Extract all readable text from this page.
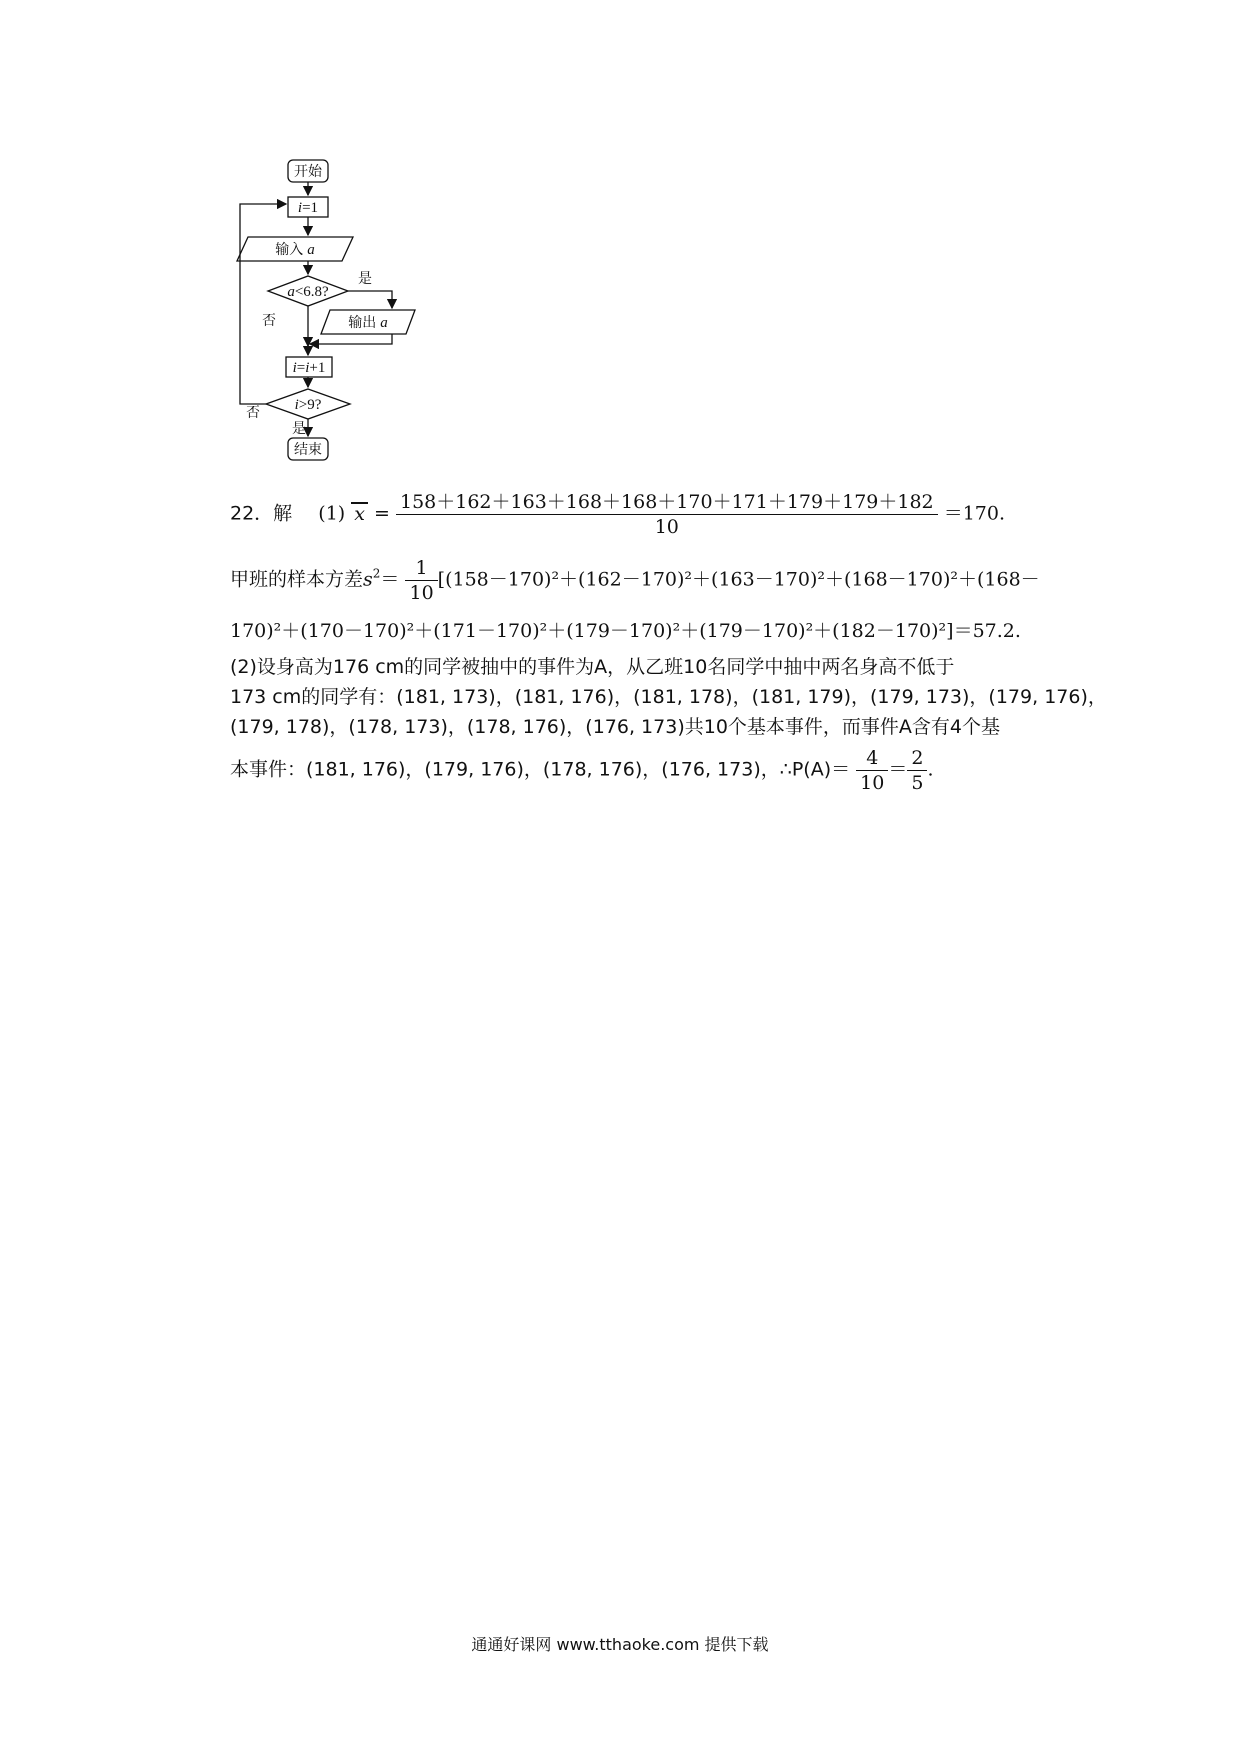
开始
i=1
输入 a
a<6.8?
是
否	输出 a
i=i+1
i>9?
否
是
结束
22．解 (1) $x = \frac{158+162+163+168+168+170+171+179+179+182}{10} =170$.
甲班的样本方差$s^2= \frac{1}{10} [(158-170)^2+(162-170)^2+(163-170)^2+(168-170)^2+(168-$
170)²＋(170－170)²＋(171－170)²＋(179－170)²＋(179－170)²＋(182－170)²]＝57.2.
(2)设身高为176 cm的同学被抽中的事件为A，从乙班10名同学中抽中两名身高不低于
173 cm的同学有：(181, 173)，(181, 176)，(181, 178)，(181, 179)，(179, 173)，(179, 176)，
(179, 178)，(178, 173)，(178, 176)，(176, 173)共10个基本事件，而事件A含有4个基
本事件：(181, 176)，(179, 176)，(178, 176)，(176, 173)，∴P(A)＝ $\frac{4}{10} = \frac{2}{5}$ .
通通好课网 www.tthaoke.com 提供下载
